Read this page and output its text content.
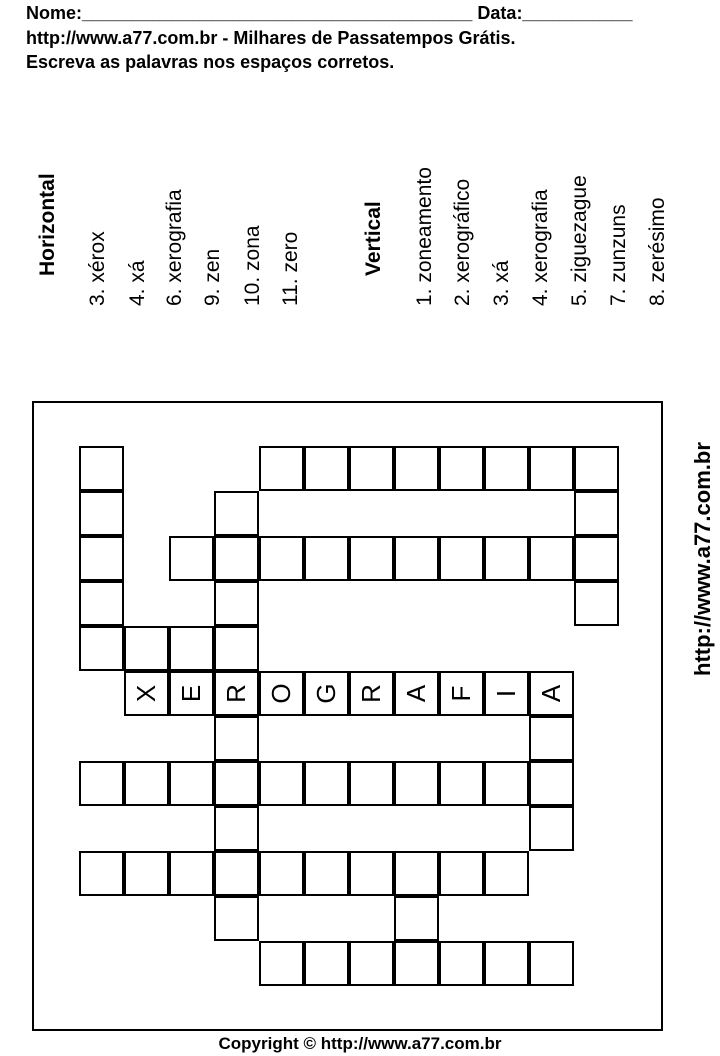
Nome:_______________________________________ Data:___________
http://www.a77.com.br - Milhares de Passatempos Grátis.
Escreva as palavras nos espaços corretos.
Horizontal 3. xérox 4. xá 6. xerografia 9. zen 10. zona 11. zero	Vertical 1. zoneamento 2. xerográfico 3. xá 4. xerografia 5. ziguezague 7. zunzuns 8. zerésimo
http://www.a77.com.br
X E R O G R A F I A
Copyright © http://www.a77.com.br
